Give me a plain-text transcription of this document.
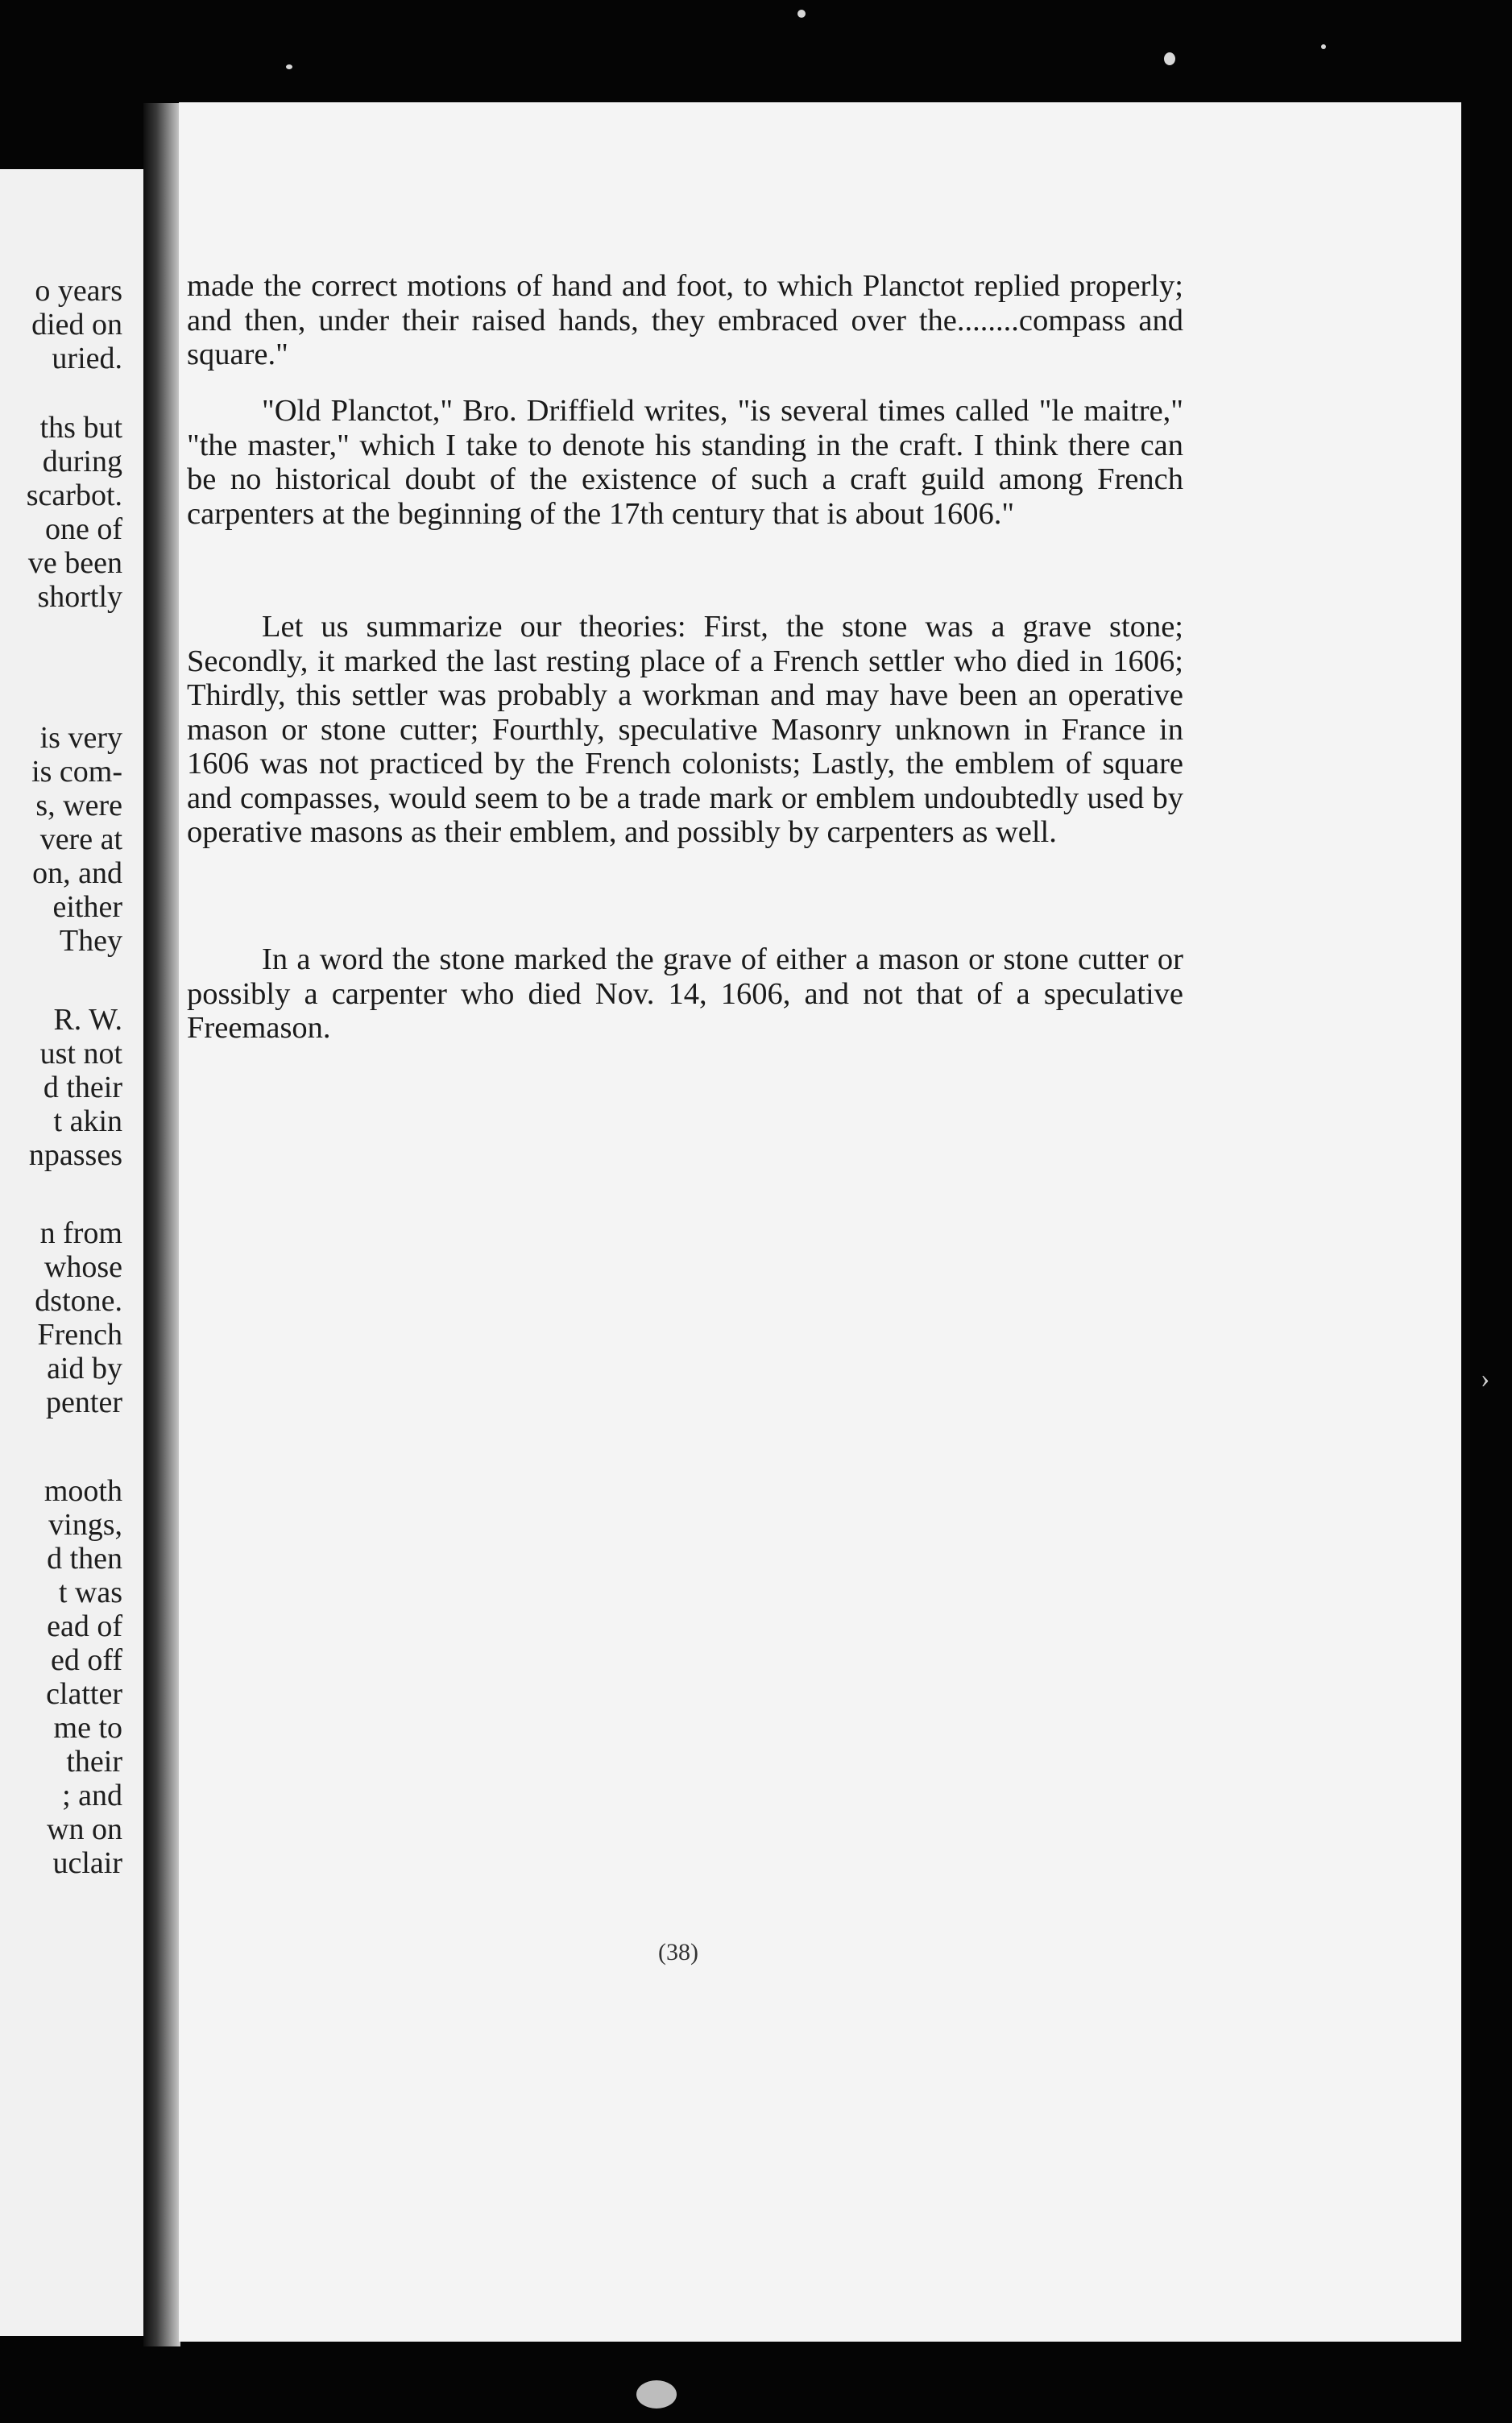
o years
died on
uried.
ths but
during
scarbot.
one of
ve been
shortly
is very
is com-
s, were
vere at
on, and
either
They
R. W.
ust not
d their
t akin
npasses
n from
whose
dstone.
French
aid by
penter
mooth
vings,
d then
t was
ead of
ed off
clatter
me to
their
; and
wn on
uclair

made the correct motions of hand and foot, to which Planctot replied properly; and then, under their raised hands, they embraced over the........compass and square."

"Old Planctot," Bro. Driffield writes, "is several times called "le maitre," "the master," which I take to denote his standing in the craft. I think there can be no historical doubt of the existence of such a craft guild among French carpenters at the beginning of the 17th century that is about 1606."

Let us summarize our theories: First, the stone was a grave stone; Secondly, it marked the last resting place of a French settler who died in 1606; Thirdly, this settler was probably a workman and may have been an operative mason or stone cutter; Fourthly, speculative Masonry unknown in France in 1606 was not practiced by the French colonists; Lastly, the emblem of square and compasses, would seem to be a trade mark or emblem undoubtedly used by operative masons as their emblem, and possibly by carpenters as well.

In a word the stone marked the grave of either a mason or stone cutter or possibly a carpenter who died Nov. 14, 1606, and not that of a speculative Freemason.

(38)
›
